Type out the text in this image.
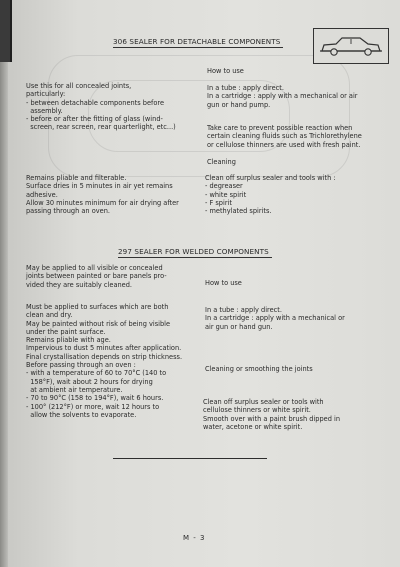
306 SEALER FOR DETACHABLE COMPONENTS

How to use

Use this for all concealed joints,
particularly:
- between detachable components before
assembly.
- before or after the fitting of glass (wind-
screen, rear screen, rear quarterlight, etc...)

In a tube : apply direct.
In a cartridge : apply with a mechanical or air
gun or hand pump.

Take care to prevent possible reaction when
certain cleaning fluids such as Trichlorethylene
or cellulose thinners are used with fresh paint.

Cleaning

Remains pliable and filterable.
Surface dries in 5 minutes in air yet remains
adhesive.
Allow 30 minutes minimum for air drying after
passing through an oven.

Clean off surplus sealer and tools with :
- degreaser
- white spirit
- F spirit
- methylated spirits.

297 SEALER FOR WELDED COMPONENTS

May be applied to all visible or concealed
joints between painted or bare panels pro-
vided they are suitably cleaned.	How to use

Must be applied to surfaces which are both
clean and dry.
May be painted without risk of being visible
under the paint surface.
Remains pliable with age.
Impervious to dust 5 minutes after application.
Final crystallisation depends on strip thickness.
Before passing through an oven :
- with a temperature of 60 to 70°C (140 to
158°F), wait about 2 hours for drying
at ambient air temperature.
- 70 to 90°C (158 to 194°F), wait 6 hours.
- 100° (212°F) or more, wait 12 hours to
allow the solvents to evaporate.

In a tube : apply direct.
In a cartridge : apply with a mechanical or
air gun or hand gun.

Cleaning or smoothing the joints

Clean off surplus sealer or tools with
cellulose thinners or white spirit.
Smooth over with a paint brush dipped in
water, acetone or white spirit.

M - 3
